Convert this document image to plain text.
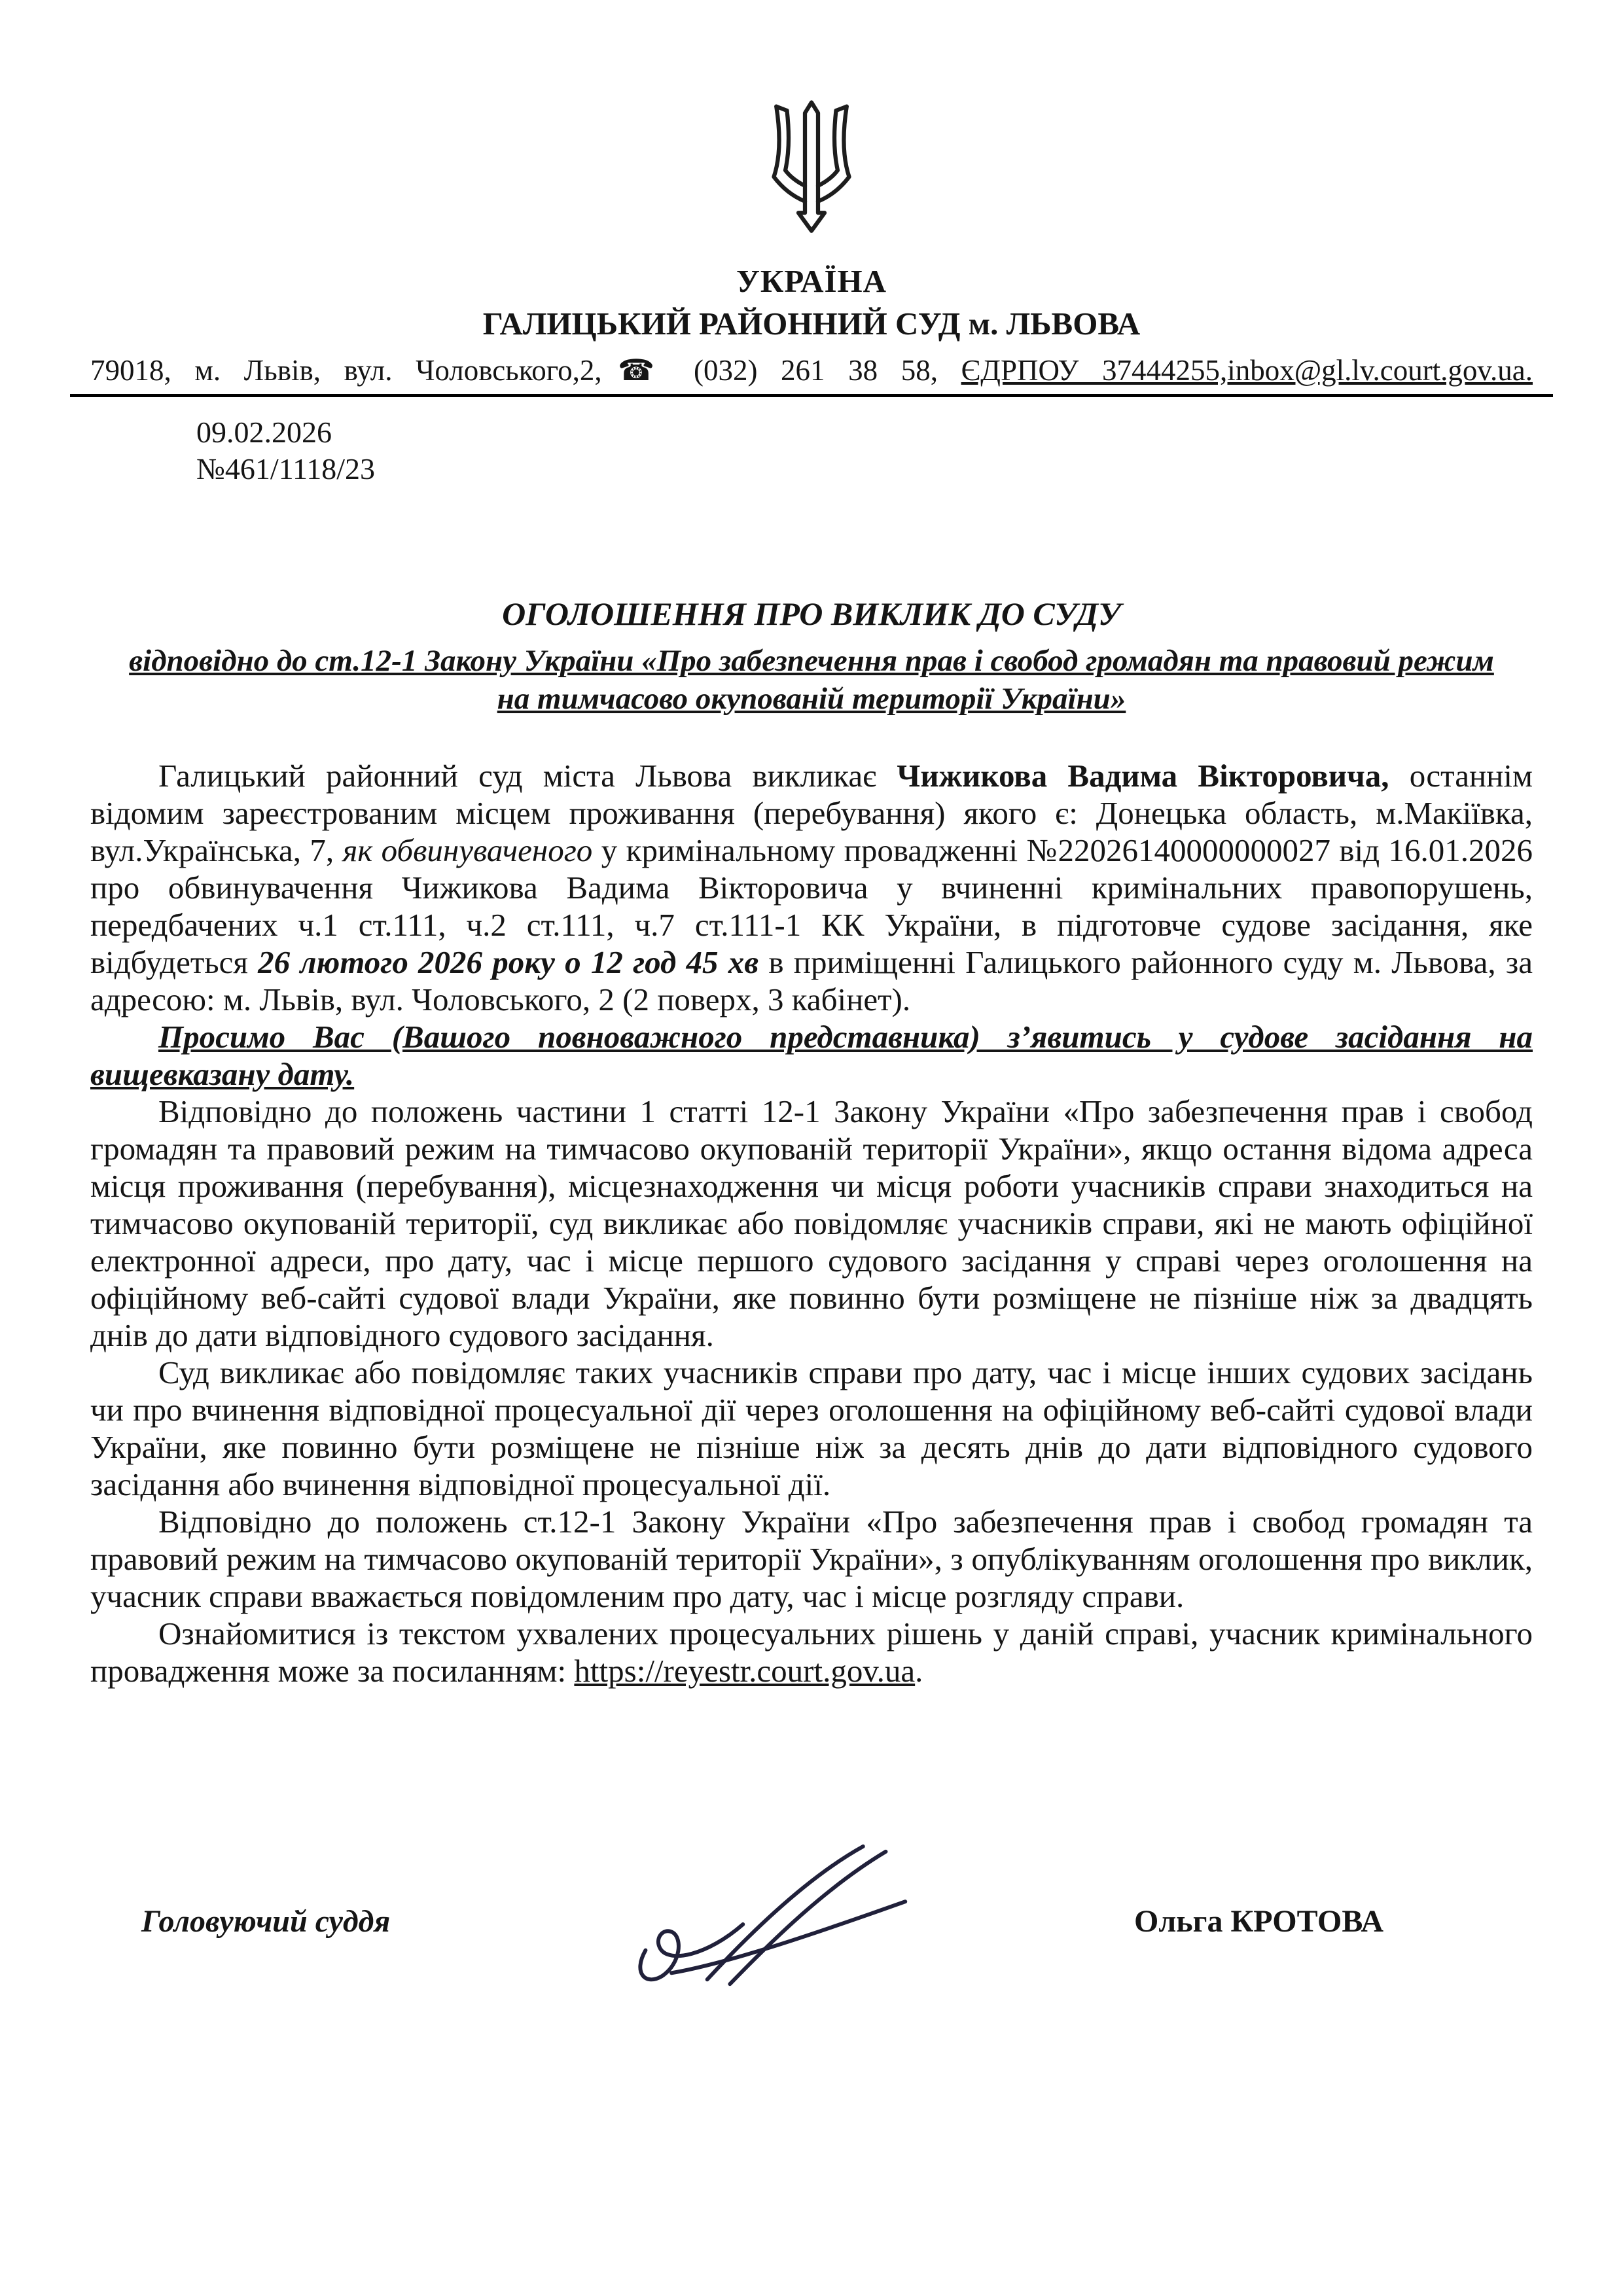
УКРАЇНА
ГАЛИЦЬКИЙ РАЙОННИЙ СУД м. ЛЬВОВА
79018, м. Львів, вул. Чоловського,2,☎ (032) 261 38 58, ЄДРПОУ 37444255,inbox@gl.lv.court.gov.ua.
09.02.2026
№461/1118/23
ОГОЛОШЕННЯ ПРО ВИКЛИК ДО СУДУ
відповідно до ст.12-1 Закону України «Про забезпечення прав і свобод громадян та правовий режим на тимчасово окупованій території України»

Галицький районний суд міста Львова викликає Чижикова Вадима Вікторовича, останнім відомим зареєстрованим місцем проживання (перебування) якого є: Донецька область, м.Макіївка, вул.Українська, 7, як обвинуваченого у кримінальному провадженні №22026140000000027 від 16.01.2026 про обвинувачення Чижикова Вадима Вікторовича у вчиненні кримінальних правопорушень, передбачених ч.1 ст.111, ч.2 ст.111, ч.7 ст.111-1 КК України, в підготовче судове засідання, яке відбудеться 26 лютого 2026 року о 12 год 45 хв в приміщенні Галицького районного суду м. Львова, за адресою: м. Львів, вул. Чоловського, 2 (2 поверх, 3 кабінет).

Просимо Вас (Вашого повноважного представника) з’явитись у судове засідання на вищевказану дату.

Відповідно до положень частини 1 статті 12-1 Закону України «Про забезпечення прав і свобод громадян та правовий режим на тимчасово окупованій території України», якщо остання відома адреса місця проживання (перебування), місцезнаходження чи місця роботи учасників справи знаходиться на тимчасово окупованій території, суд викликає або повідомляє учасників справи, які не мають офіційної електронної адреси, про дату, час і місце першого судового засідання у справі через оголошення на офіційному веб-сайті судової влади України, яке повинно бути розміщене не пізніше ніж за двадцять днів до дати відповідного судового засідання.

Суд викликає або повідомляє таких учасників справи про дату, час і місце інших судових засідань чи про вчинення відповідної процесуальної дії через оголошення на офіційному веб-сайті судової влади України, яке повинно бути розміщене не пізніше ніж за десять днів до дати відповідного судового засідання або вчинення відповідної процесуальної дії.

Відповідно до положень ст.12-1 Закону України «Про забезпечення прав і свобод громадян та правовий режим на тимчасово окупованій території України», з опублікуванням оголошення про виклик, учасник справи вважається повідомленим про дату, час і місце розгляду справи.

Ознайомитися із текстом ухвалених процесуальних рішень у даній справі, учасник кримінального провадження може за посиланням: https://reyestr.court.gov.ua.

Головуючий суддя	Ольга КРОТОВА
